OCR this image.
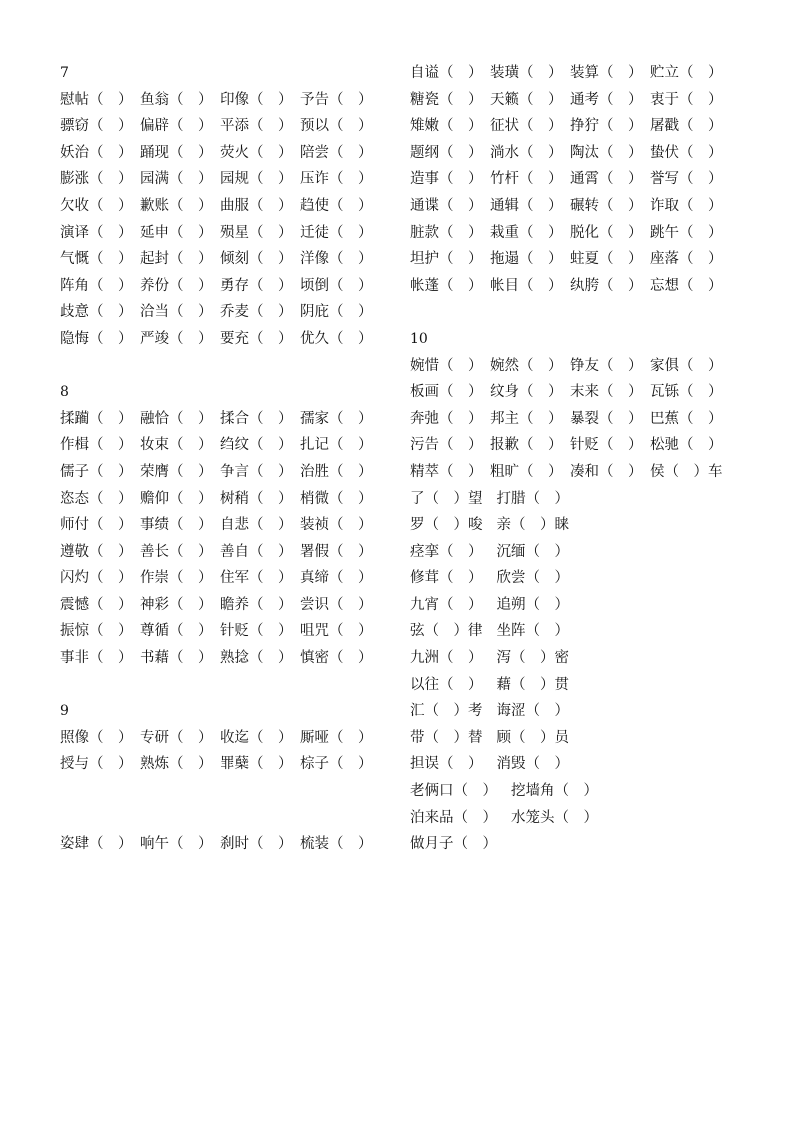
7
慰帖（　） 鱼翁（　） 印像（　） 予告（　）
骠窃（　） 偏辟（　） 平添（　） 预以（　）
妖治（　） 踊现（　） 荧火（　） 陪尝（　）
膨涨（　） 园满（　） 园规（　） 压诈（　）
欠收（　） 歉账（　） 曲服（　） 趋使（　）
演译（　） 延申（　） 殒星（　） 迁徒（　）
气慨（　） 起封（　） 倾刻（　） 洋像（　）
阵角（　） 养份（　） 勇存（　） 顷倒（　）
歧意（　） 洽当（　） 乔麦（　） 阴庇（　）
隐悔（　） 严竣（　） 要充（　） 优久（　）
8
揉躏（　） 融恰（　） 揉合（　） 孺家（　）
作楫（　） 妆束（　） 绉纹（　） 扎记（　）
儒子（　） 荣膺（　） 争言（　） 治胜（　）
恣态（　） 赡仰（　） 树稍（　） 梢微（　）
师付（　） 事绩（　） 自悲（　） 装祯（　）
遵敬（　） 善长（　） 善自（　） 署假（　）
闪灼（　） 作崇（　） 住军（　） 真缔（　）
震憾（　） 神彩（　） 瞻养（　） 尝识（　）
振惊（　） 尊循（　） 针贬（　） 咀咒（　）
事非（　） 书藉（　） 熟捻（　） 慎密（　）
9
照像（　） 专研（　） 收迄（　） 厮哑（　）
授与（　） 熟炼（　） 罪蘖（　） 棕子（　）
姿肆（　） 响午（　） 刹时（　） 梳装（　）
自谥（　） 装璜（　） 装算（　） 贮立（　）
糖瓷（　） 天籁（　） 通考（　） 衷于（　）
雉嫩（　） 征状（　） 挣狞（　） 屠戳（　）
题纲（　） 淌水（　） 陶汰（　） 蛰伏（　）
造事（　） 竹杆（　） 通霄（　） 誉写（　）
通谍（　） 通辑（　） 碾转（　） 诈取（　）
脏款（　） 栽重（　） 脱化（　） 跳午（　）
坦护（　） 拖遢（　） 蛀夏（　） 座落（　）
帐蓬（　） 帐目（　） 纨胯（　） 忘想（　）
10
婉惜（　） 婉然（　） 铮友（　） 家俱（　）
板画（　） 纹身（　） 末来（　） 瓦铄（　）
奔弛（　） 邦主（　） 暴裂（　） 巴蕉（　）
污告（　） 报歉（　） 针贬（　） 松驰（　）
精萃（　） 粗旷（　） 凑和（　） 侯（　）车
了（　）望 打腊（　）
罗（　）唆 亲（　）睐
痉挛（　） 沉缅（　）
修茸（　） 欣尝（　）
九宵（　） 追朔（　）
弦（　）律 坐阵（　）
九洲（　） 泻（　）密
以往（　） 藉（　）贯
汇（　）考 诲涩（　）
带（　）替 顾（　）员
担误（　） 消毁（　）
老俩口（　） 挖墙角（　）
泊来品（　） 水笼头（　）
做月子（　）
